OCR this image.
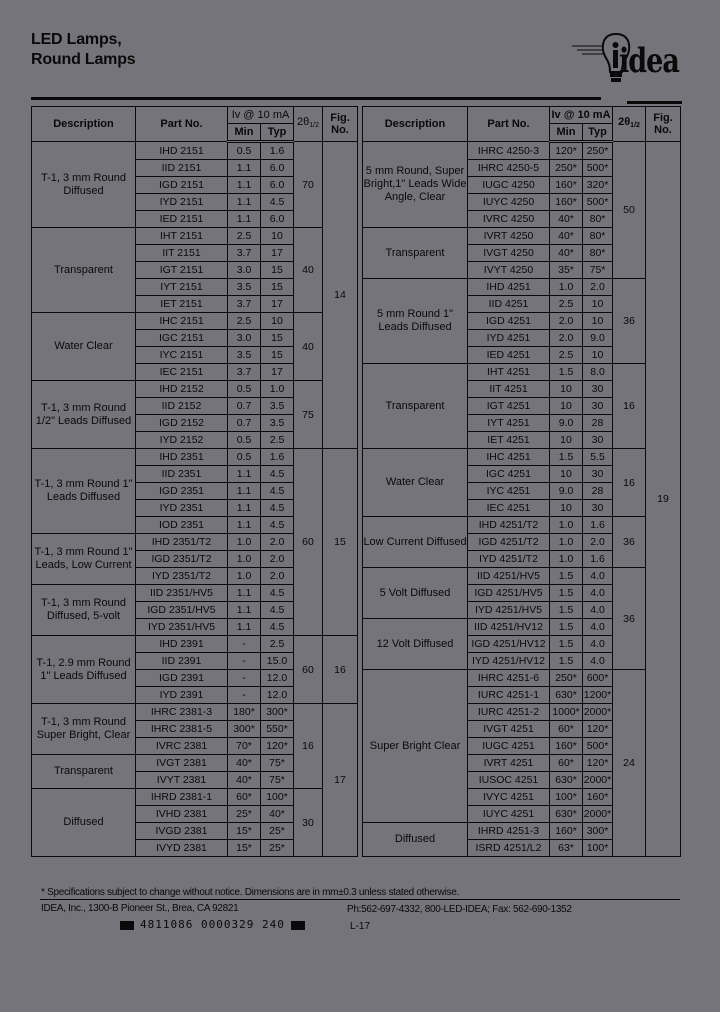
LED Lamps,
Round Lamps	idea
Description	Part No.	Iv @ 10 mA		$2\theta_{1/2}$	Fig.
No.

		Min	Typ		
T-1, 3 mm Round Diffused	IHD 2151	0.5	1.6	70	14
	IID 2151	1.1	6.0		
	IGD 2151	1.1	6.0		
	IYD 2151	1.1	4.5		
	IED 2151	1.1	6.0		
Transparent	IHT 2151	2.5	10	40	
	IIT 2151	3.7	17		
	IGT 2151	3.0	15		
	IYT 2151	3.5	15		
	IET 2151	3.7	17		
Water Clear	IHC 2151	2.5	10	40	
	IGC 2151	3.0	15		
	IYC 2151	3.5	15		
	IEC 2151	3.7	17		
T-1, 3 mm Round 1/2" Leads Diffused	IHD 2152	0.5	1.0	75	
	IID 2152	0.7	3.5		
	IGD 2152	0.7	3.5		
	IYD 2152	0.5	2.5		
T-1, 3 mm Round 1" Leads Diffused	IHD 2351	0.5	1.6	60	15
	IID 2351	1.1	4.5		
	IGD 2351	1.1	4.5		
	IYD 2351	1.1	4.5		
	IOD 2351	1.1	4.5		
T-1, 3 mm Round 1" Leads, Low Current	IHD 2351/T2	1.0	2.0		
	IGD 2351/T2	1.0	2.0		
	IYD 2351/T2	1.0	2.0		
T-1, 3 mm Round Diffused, 5-volt	IID 2351/HV5	1.1	4.5		
	IGD 2351/HV5	1.1	4.5		
	IYD 2351/HV5	1.1	4.5		
T-1, 2.9 mm Round 1" Leads Diffused	IHD 2391	-	2.5	60	16
	IID 2391	-	15.0		
	IGD 2391	-	12.0		
	IYD 2391	-	12.0		
T-1, 3 mm Round Super Bright, Clear	IHRC 2381-3	180*	300*	16	17
	IHRC 2381-5	300*	550*		
	IVRC 2381	70*	120*		
Transparent	IVGT 2381	40*	75*		
	IVYT 2381	40*	75*		
Diffused	IHRD 2381-1	60*	100*	30	
	IVHD 2381	25*	40*		
	IVGD 2381	15*	25*		
	IVYD 2381	15*	25*		
Description	Part No.	Iv @ 10 mA		$2\theta_{1/2}$	Fig.
No.

		Min	Typ		
5 mm Round, Super Bright,1" Leads Wide Angle, Clear	IHRC 4250-3	120*	250*	50	19
	IHRC 4250-5	250*	500*		
	IUGC 4250	160*	320*		
	IUYC 4250	160*	500*		
	IVRC 4250	40*	80*		
Transparent	IVRT 4250	40*	80*		
	IVGT 4250	40*	80*		
	IVYT 4250	35*	75*		
5 mm Round 1" Leads Diffused	IHD 4251	1.0	2.0	36	
	IID 4251	2.5	10		
	IGD 4251	2.0	10		
	IYD 4251	2.0	9.0		
	IED 4251	2.5	10		
Transparent	IHT 4251	1.5	8.0	16	
	IIT 4251	10	30		
	IGT 4251	10	30		
	IYT 4251	9.0	28		
	IET 4251	10	30		
Water Clear	IHC 4251	1.5	5.5	16	
	IGC 4251	10	30		
	IYC 4251	9.0	28		
	IEC 4251	10	30		
Low Current Diffused	IHD 4251/T2	1.0	1.6	36	
	IGD 4251/T2	1.0	2.0		
	IYD 4251/T2	1.0	1.6		
5 Volt Diffused	IID 4251/HV5	1.5	4.0	36	
	IGD 4251/HV5	1.5	4.0		
	IYD 4251/HV5	1.5	4.0		
12 Volt Diffused	IID 4251/HV12	1.5	4.0		
	IGD 4251/HV12	1.5	4.0		
	IYD 4251/HV12	1.5	4.0		
Super Bright Clear	IHRC 4251-6	250*	600*	24	
	IURC 4251-1	630*	1200*		
	IURC 4251-2	1000*	2000*		
	IVGT 4251	60*	120*		
	IUGC 4251	160*	500*		
	IVRT 4251	60*	120*		
	IUSOC 4251	630*	2000*		
	IVYC 4251	100*	160*		
	IUYC 4251	630*	2000*		
Diffused	IHRD 4251-3	160*	300*		
	ISRD 4251/L2	63*	100*		
* Specifications subject to change without notice. Dimensions are in mm±0.3 unless stated otherwise.
IDEA, Inc., 1300-B Pioneer St., Brea, CA 92821	Ph:562-697-4332, 800-LED-IDEA; Fax: 562-690-1352
4811086 0000329 240	L-17
